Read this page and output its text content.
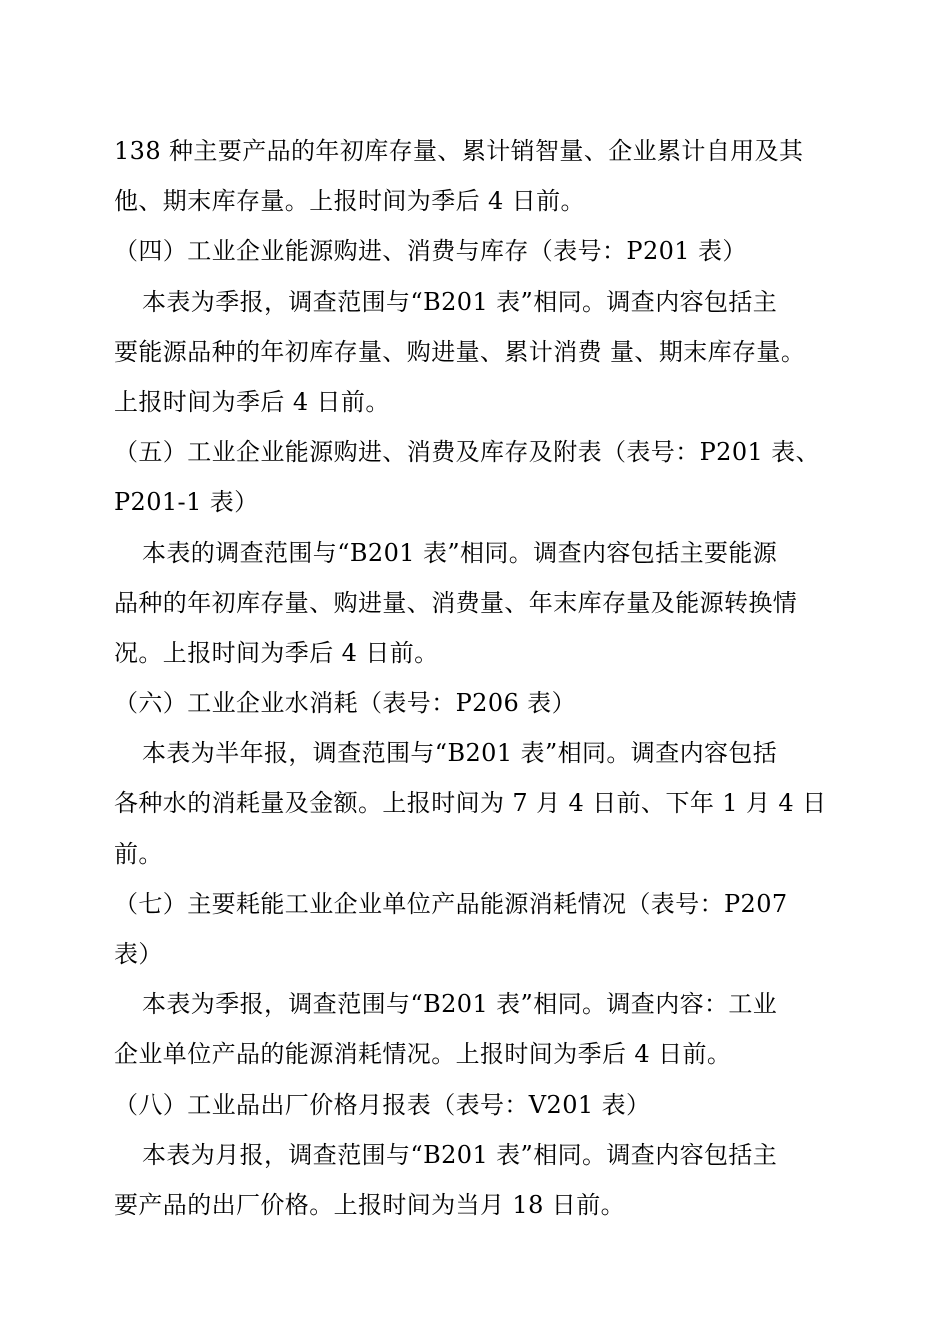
138 种主要产品的年初库存量、累计销智量、企业累计自用及其
他、期末库存量。上报时间为季后 4 日前。
（四）工业企业能源购进、消费与库存（表号：P201 表）
本表为季报，调查范围与“B201 表”相同。调查内容包括主
要能源品种的年初库存量、购进量、累计消费 量、期末库存量。
上报时间为季后 4 日前。
（五）工业企业能源购进、消费及库存及附表（表号：P201 表、
P201-1 表）
本表的调查范围与“B201 表”相同。调查内容包括主要能源
品种的年初库存量、购进量、消费量、年末库存量及能源转换情
况。上报时间为季后 4 日前。
（六）工业企业水消耗（表号：P206 表）
本表为半年报，调查范围与“B201 表”相同。调查内容包括
各种水的消耗量及金额。上报时间为 7 月 4 日前、下年 1 月 4 日
前。
（七）主要耗能工业企业单位产品能源消耗情况（表号：P207
表）
本表为季报，调查范围与“B201 表”相同。调查内容：工业
企业单位产品的能源消耗情况。上报时间为季后 4 日前。
（八）工业品出厂价格月报表（表号：V201 表）
本表为月报，调查范围与“B201 表”相同。调查内容包括主
要产品的出厂价格。上报时间为当月 18 日前。
